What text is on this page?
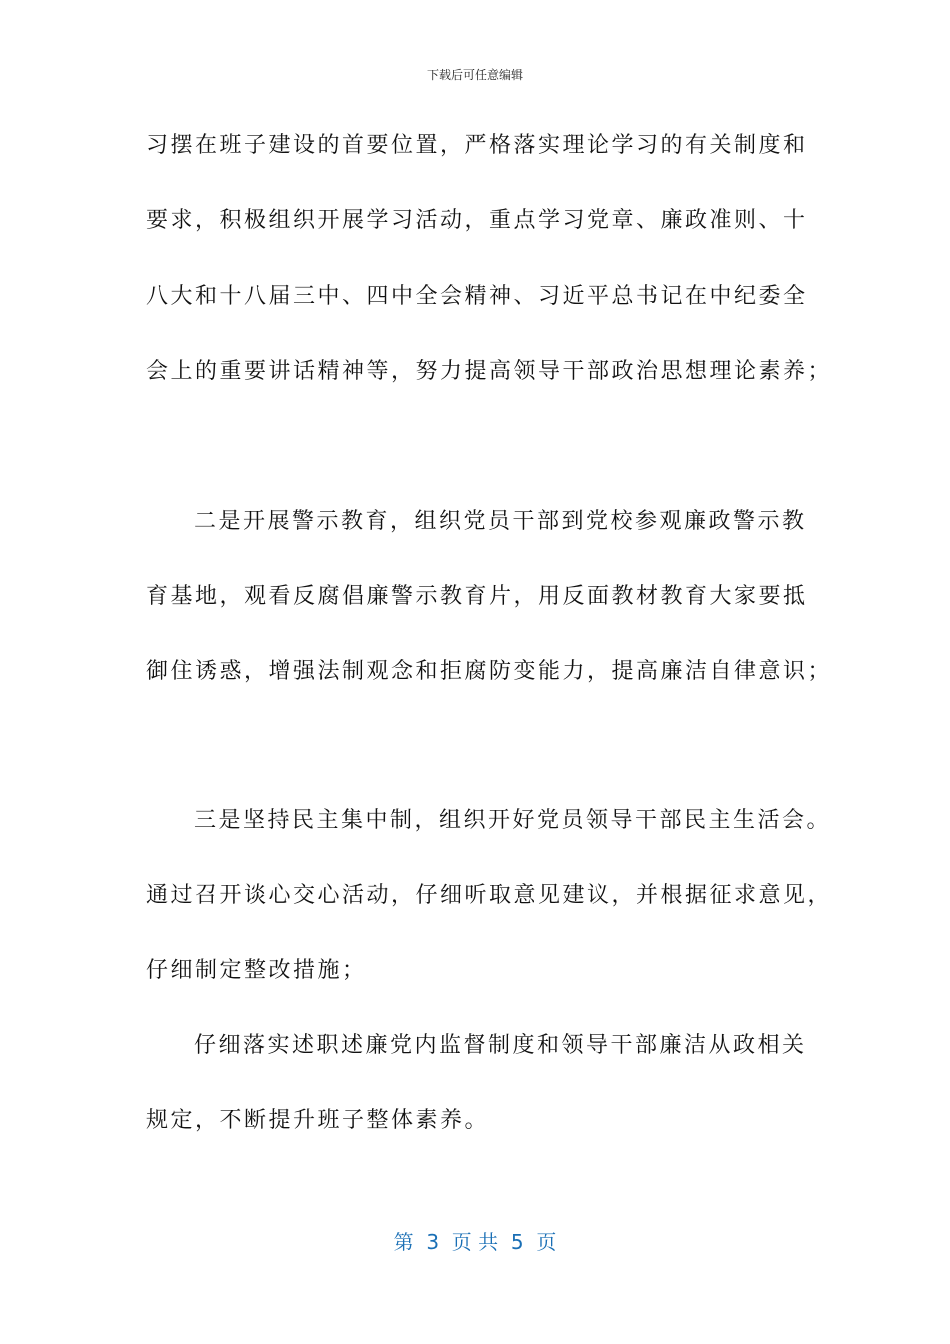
下载后可任意编辑
习摆在班子建设的首要位置，严格落实理论学习的有关制度和
要求，积极组织开展学习活动，重点学习党章、廉政准则、十
八大和十八届三中、四中全会精神、习近平总书记在中纪委全
会上的重要讲话精神等，努力提高领导干部政治思想理论素养；
二是开展警示教育，组织党员干部到党校参观廉政警示教
育基地，观看反腐倡廉警示教育片，用反面教材教育大家要抵
御住诱惑，增强法制观念和拒腐防变能力，提高廉洁自律意识；
三是坚持民主集中制，组织开好党员领导干部民主生活会。
通过召开谈心交心活动，仔细听取意见建议，并根据征求意见，
仔细制定整改措施；
仔细落实述职述廉党内监督制度和领导干部廉洁从政相关
规定，不断提升班子整体素养。
第  3  页 共  5  页
